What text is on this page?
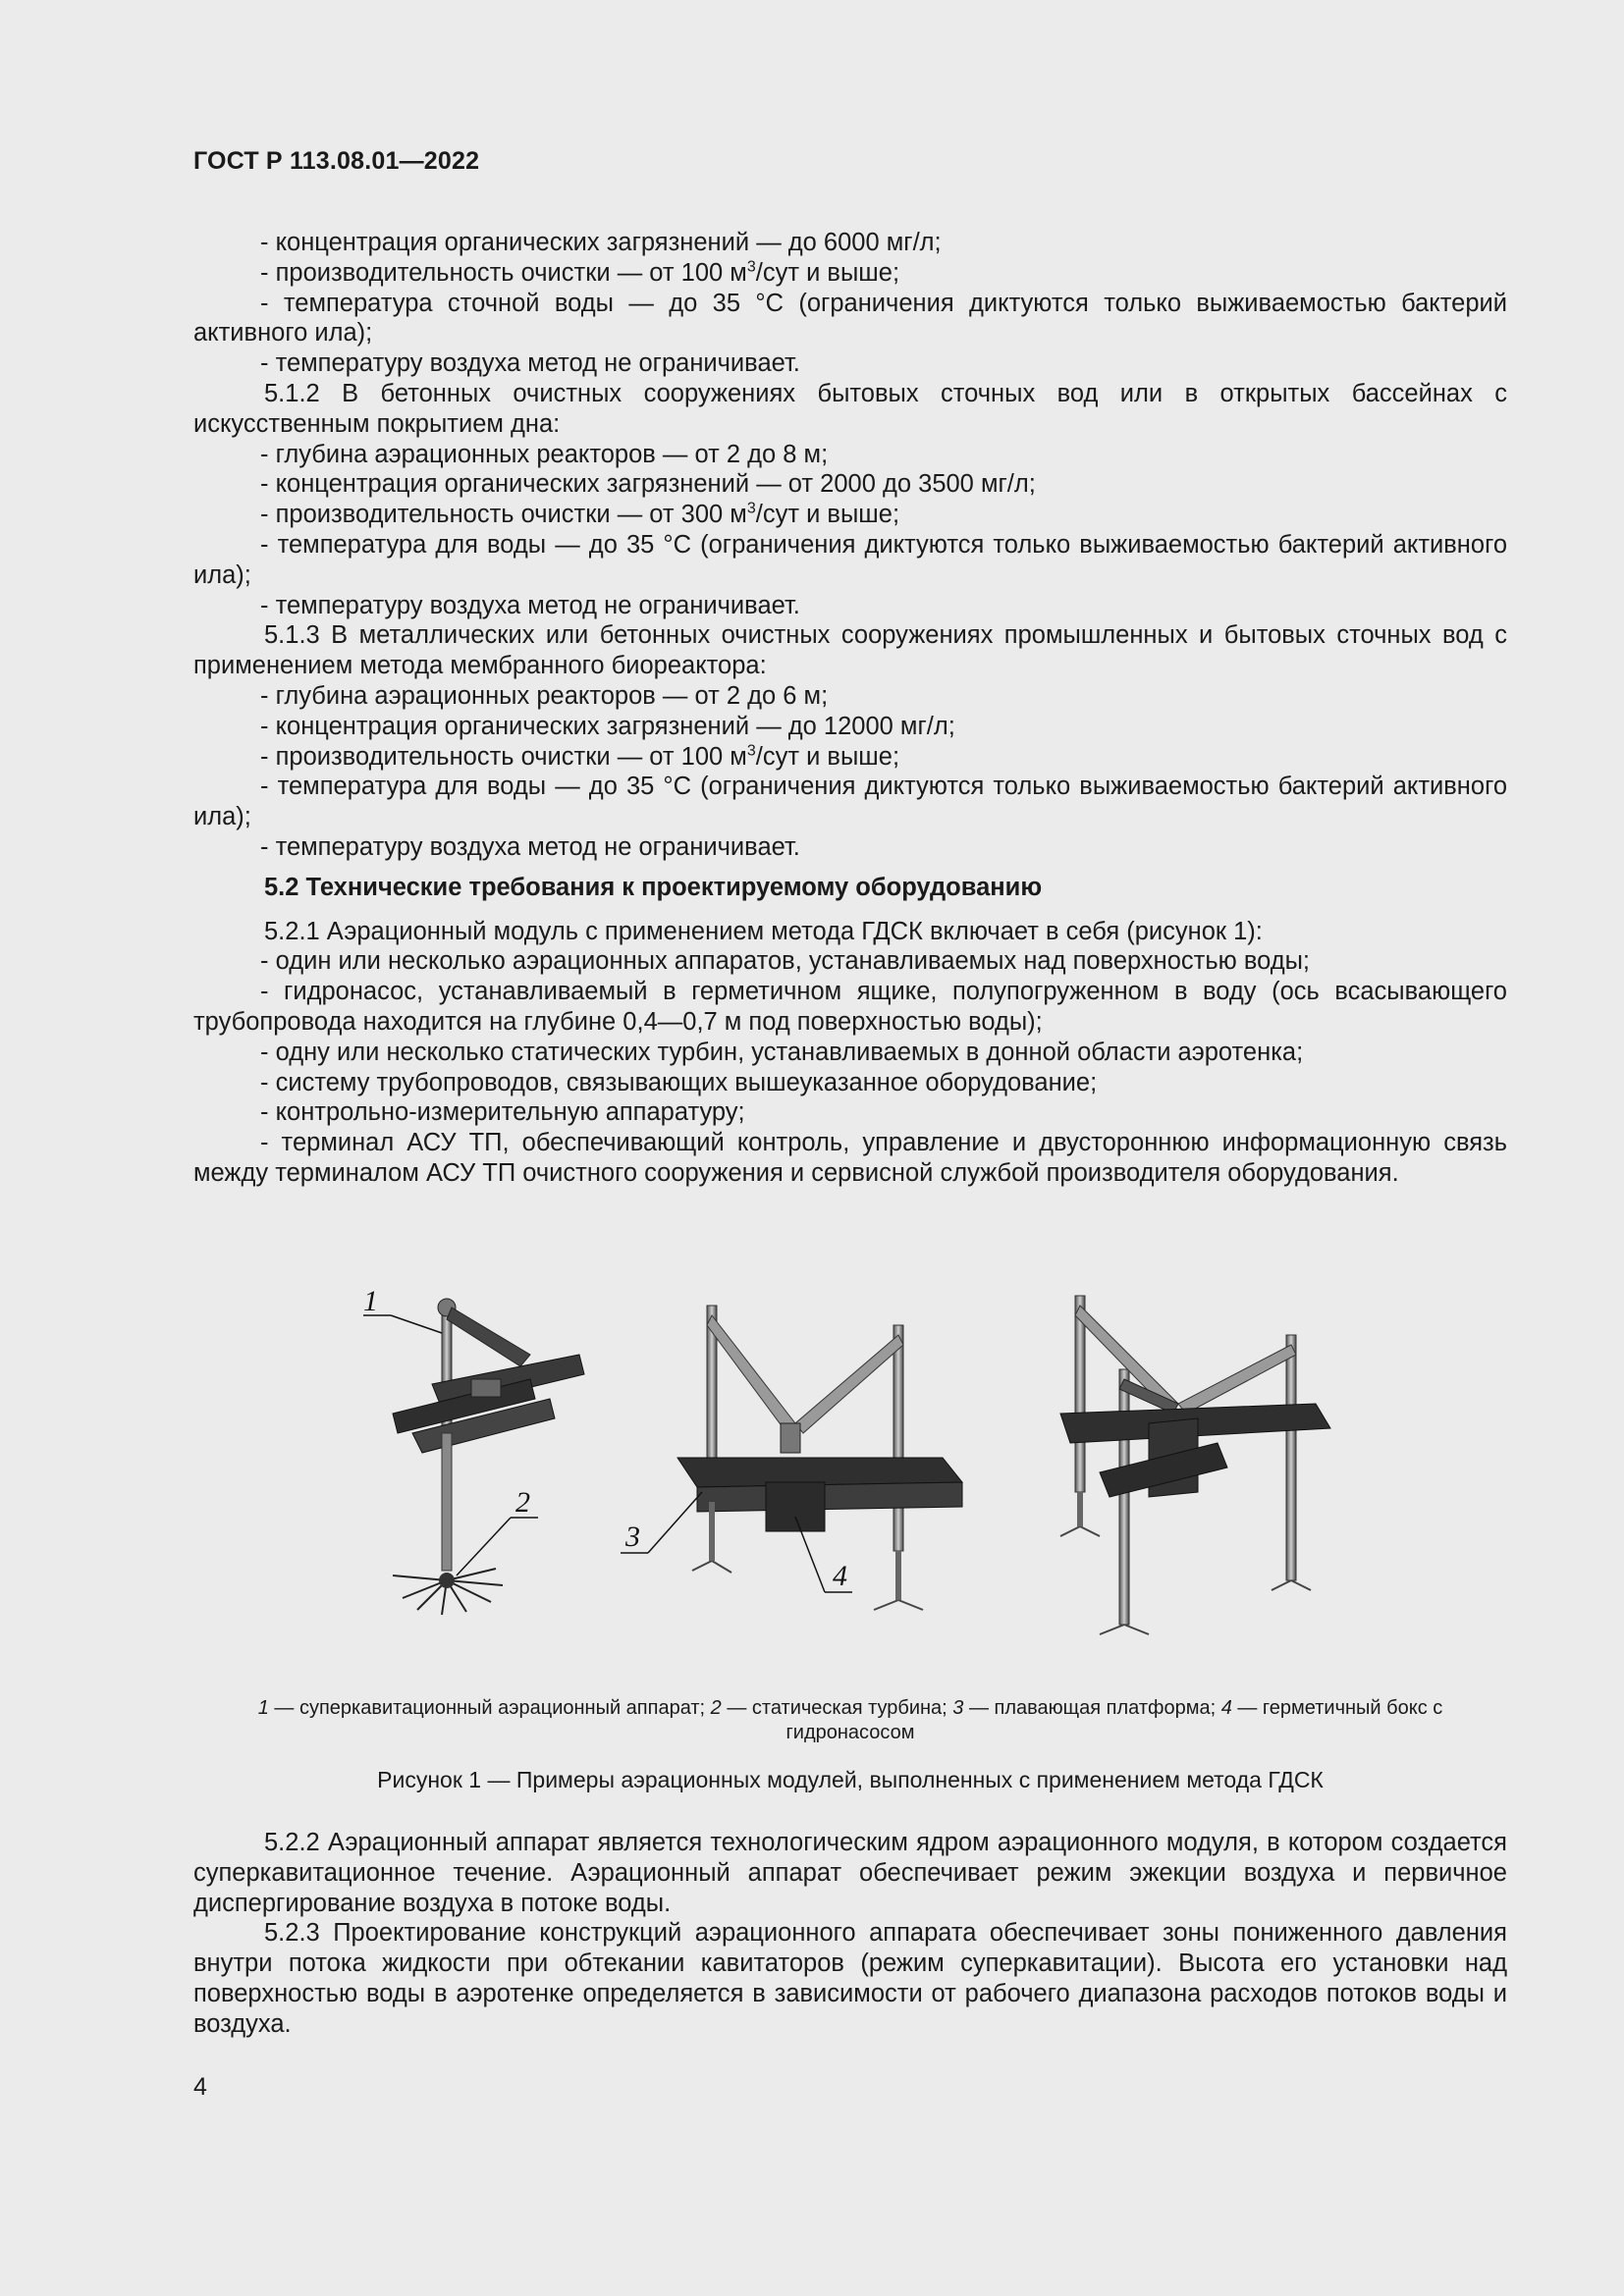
ГОСТ Р 113.08.01—2022

- концентрация органических загрязнений — до 6000 мг/л;

- производительность очистки — от 100 $м^3$/сут и выше;

- температура сточной воды — до 35 °C (ограничения диктуются только выживаемостью бактерий активного ила);

- температуру воздуха метод не ограничивает.

5.1.2 В бетонных очистных сооружениях бытовых сточных вод или в открытых бассейнах с искусственным покрытием дна:

- глубина аэрационных реакторов — от 2 до 8 м;

- концентрация органических загрязнений — от 2000 до 3500 мг/л;

- производительность очистки — от 300 $м^3$/сут и выше;

- температура для воды — до 35 °C (ограничения диктуются только выживаемостью бактерий активного ила);

- температуру воздуха метод не ограничивает.

5.1.3 В металлических или бетонных очистных сооружениях промышленных и бытовых сточных вод с применением метода мембранного биореактора:

- глубина аэрационных реакторов — от 2 до 6 м;

- концентрация органических загрязнений — до 12000 мг/л;

- производительность очистки — от 100 $м^3$/сут и выше;

- температура для воды — до 35 °C (ограничения диктуются только выживаемостью бактерий активного ила);

- температуру воздуха метод не ограничивает.

5.2 Технические требования к проектируемому оборудованию

5.2.1 Аэрационный модуль с применением метода ГДСК включает в себя (рисунок 1):

- один или несколько аэрационных аппаратов, устанавливаемых над поверхностью воды;

- гидронасос, устанавливаемый в герметичном ящике, полупогруженном в воду (ось всасывающего трубопровода находится на глубине 0,4—0,7 м под поверхностью воды);

- одну или несколько статических турбин, устанавливаемых в донной области аэротенка;

- систему трубопроводов, связывающих вышеуказанное оборудование;

- контрольно-измерительную аппаратуру;

- терминал АСУ ТП, обеспечивающий контроль, управление и двустороннюю информационную связь между терминалом АСУ ТП очистного сооружения и сервисной службой производителя оборудования.

1
2
3
4
1 — суперкавитационный аэрационный аппарат; 2 — статическая турбина; 3 — плавающая платформа; 4 — герметичный бокс с гидронасосом
Рисунок 1 — Примеры аэрационных модулей, выполненных с применением метода ГДСК

5.2.2 Аэрационный аппарат является технологическим ядром аэрационного модуля, в котором создается суперкавитационное течение. Аэрационный аппарат обеспечивает режим эжекции воздуха и первичное диспергирование воздуха в потоке воды.

5.2.3 Проектирование конструкций аэрационного аппарата обеспечивает зоны пониженного давления внутри потока жидкости при обтекании кавитаторов (режим суперкавитации). Высота его установки над поверхностью воды в аэротенке определяется в зависимости от рабочего диапазона расходов потоков воды и воздуха.

4
